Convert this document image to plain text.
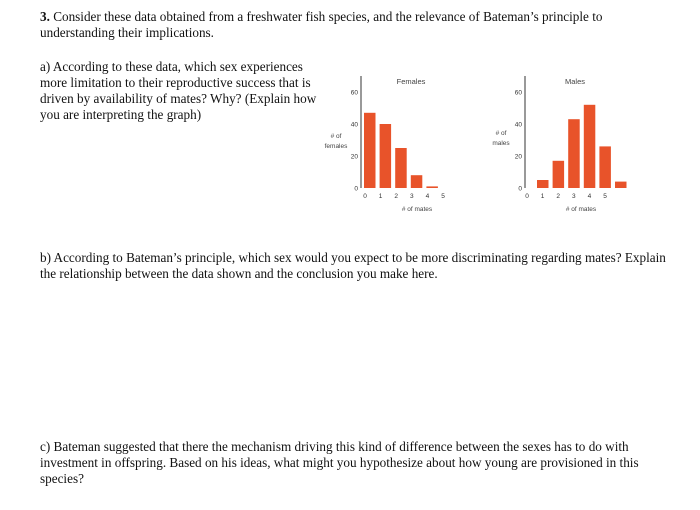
3. Consider these data obtained from a freshwater fish species, and the relevance of Bateman’s principle to understanding their implications.
a) According to these data, which sex experiences more limitation to their reproductive success that is driven by availability of mates? Why? (Explain how you are interpreting the graph)
Females
# of
females
0
20
40
60
0 1 2 3 4 5
# of mates
Males
# of
males
0
20
40
60
0 1 2 3 4 5
# of mates
b) According to Bateman’s principle, which sex would you expect to be more discriminating regarding mates? Explain the relationship between the data shown and the conclusion you make here.
c) Bateman suggested that there the mechanism driving this kind of difference between the sexes has to do with investment in offspring. Based on his ideas, what might you hypothesize about how young are provisioned in this species?
